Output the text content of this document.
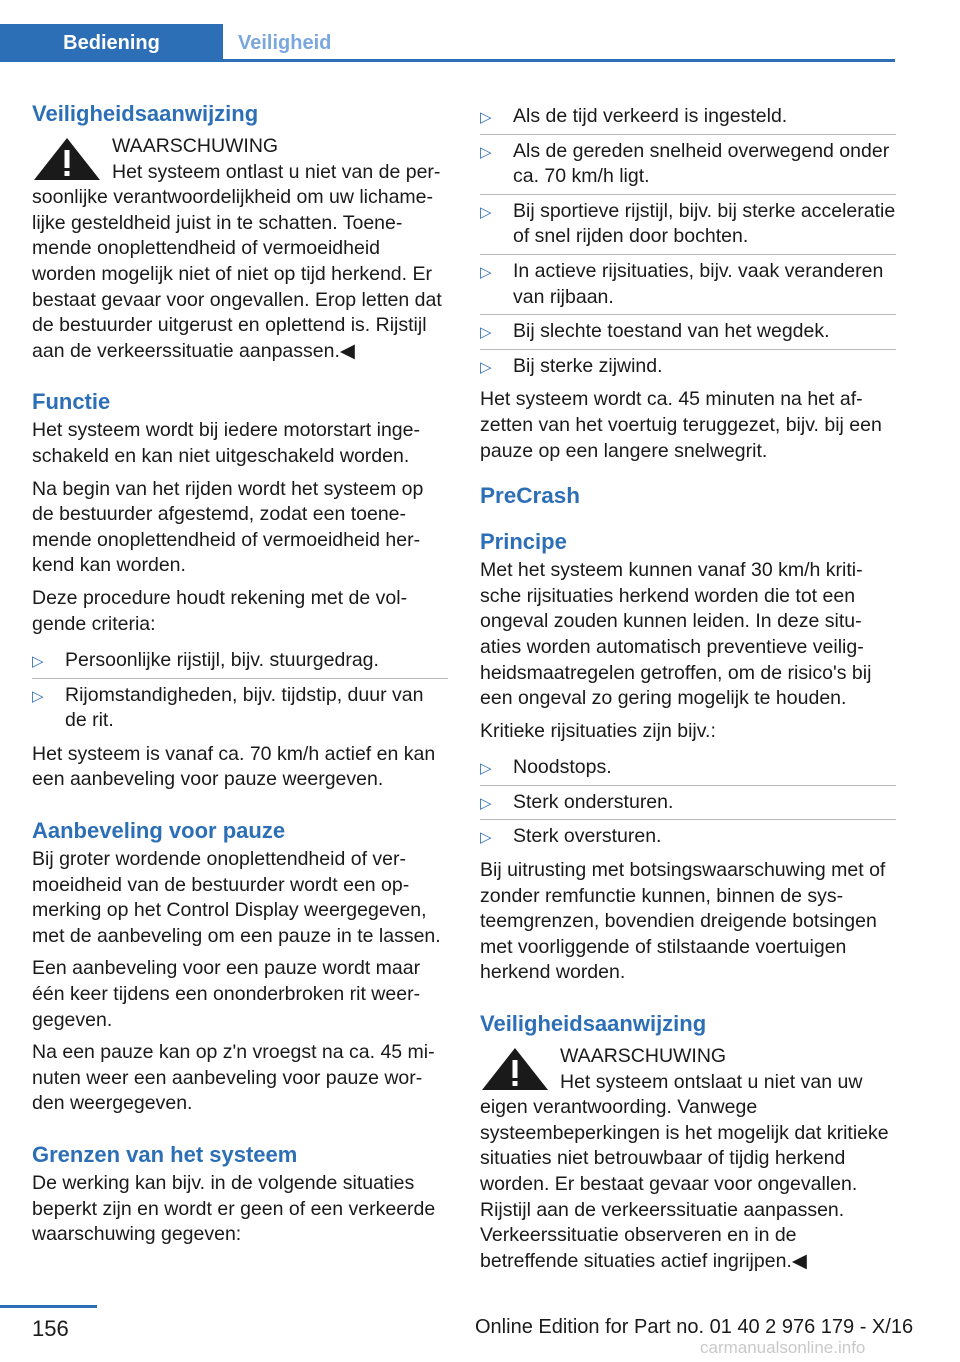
Bediening	Veiligheid
Veiligheidsaanwijzing
WAARSCHUWING

Het systeem ontlast u niet van de persoonlijke verantwoordelijkheid om uw lichamelijke gesteldheid juist in te schatten. Toenemende onoplettendheid of vermoeidheid worden mogelijk niet of niet op tijd herkend. Er bestaat gevaar voor ongevallen. Erop letten dat de bestuurder uitgerust en oplettend is. Rijstijl aan de verkeerssituatie aanpassen.◀

Functie

Het systeem wordt bij iedere motorstart ingeschakeld en kan niet uitgeschakeld worden.

Na begin van het rijden wordt het systeem op de bestuurder afgestemd, zodat een toenemende onoplettendheid of vermoeidheid herkend kan worden.

Deze procedure houdt rekening met de volgende criteria:

▷ Persoonlijke rijstijl, bijv. stuurgedrag.
▷ Rijomstandigheden, bijv. tijdstip, duur van de rit.

Het systeem is vanaf ca. 70 km/h actief en kan een aanbeveling voor pauze weergeven.

Aanbeveling voor pauze

Bij groter wordende onoplettendheid of vermoeidheid van de bestuurder wordt een opmerking op het Control Display weergegeven, met de aanbeveling om een pauze in te lassen.

Een aanbeveling voor een pauze wordt maar één keer tijdens een ononderbroken rit weergegeven.

Na een pauze kan op z'n vroegst na ca. 45 minuten weer een aanbeveling voor pauze worden weergegeven.

Grenzen van het systeem

De werking kan bijv. in de volgende situaties beperkt zijn en wordt er geen of een verkeerde waarschuwing gegeven:

▷ Als de tijd verkeerd is ingesteld.
▷ Als de gereden snelheid overwegend onder ca. 70 km/h ligt.
▷ Bij sportieve rijstijl, bijv. bij sterke acceleratie of snel rijden door bochten.
▷ In actieve rijsituaties, bijv. vaak veranderen van rijbaan.
▷ Bij slechte toestand van het wegdek.
▷ Bij sterke zijwind.

Het systeem wordt ca. 45 minuten na het afzetten van het voertuig teruggezet, bijv. bij een pauze op een langere snelwegrit.

PreCrash
Principe

Met het systeem kunnen vanaf 30 km/h kritische rijsituaties herkend worden die tot een ongeval zouden kunnen leiden. In deze situaties worden automatisch preventieve veiligheidsmaatregelen getroffen, om de risico's bij een ongeval zo gering mogelijk te houden.

Kritieke rijsituaties zijn bijv.:

▷ Noodstops.
▷ Sterk ondersturen.
▷ Sterk oversturen.

Bij uitrusting met botsingswaarschuwing met of zonder remfunctie kunnen, binnen de systeemgrenzen, bovendien dreigende botsingen met voorliggende of stilstaande voertuigen herkend worden.

Veiligheidsaanwijzing
WAARSCHUWING

Het systeem ontslaat u niet van uw eigen verantwoording. Vanwege systeembeperkingen is het mogelijk dat kritieke situaties niet betrouwbaar of tijdig herkend worden. Er bestaat gevaar voor ongevallen. Rijstijl aan de verkeerssituatie aanpassen. Verkeerssituatie observeren en in de betreffende situaties actief ingrijpen.◀

156	Online Edition for Part no. 01 40 2 976 179 - X/16
carmanualsonline.info
